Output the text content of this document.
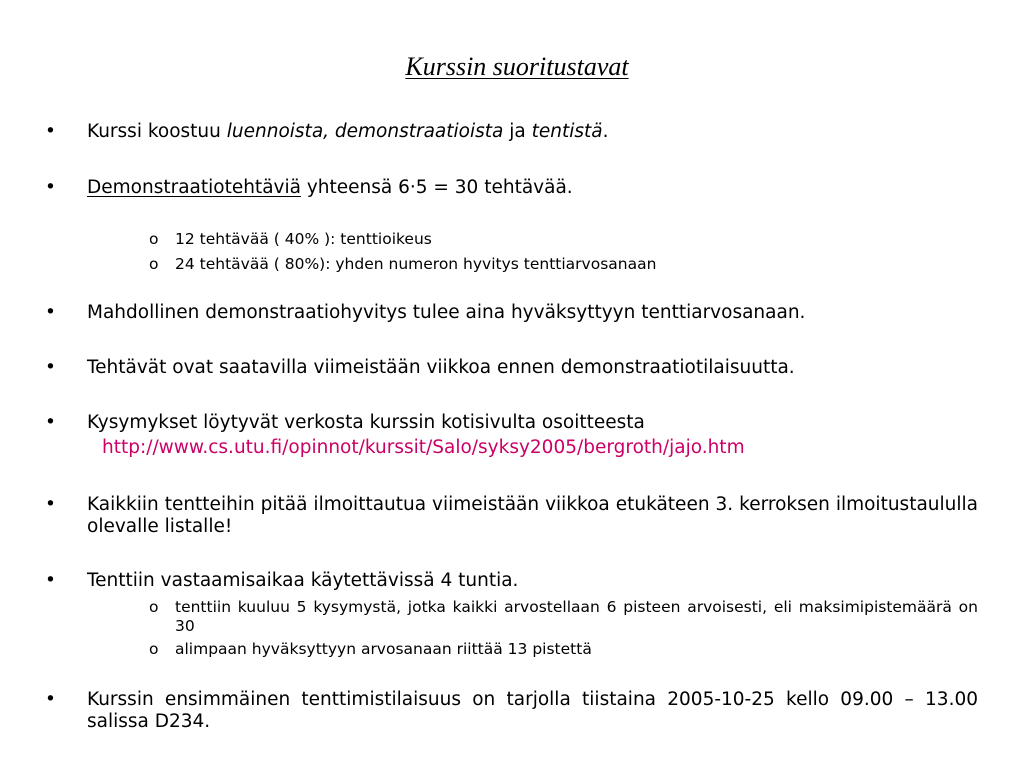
Kurssin suoritustavat
• Kurssi koostuu luennoista, demonstraatioista ja tentistä.
• Demonstraatiotehtäviä yhteensä 6·5 = 30 tehtävää.
o 12 tehtävää ( 40% ): tenttioikeus
o 24 tehtävää ( 80%): yhden numeron hyvitys tenttiarvosanaan
• Mahdollinen demonstraatiohyvitys tulee aina hyväksyttyyn tenttiarvosanaan.
• Tehtävät ovat saatavilla viimeistään viikkoa ennen demonstraatiotilaisuutta.
• Kysymykset löytyvät verkosta kurssin kotisivulta osoitteesta
http://www.cs.utu.fi/opinnot/kurssit/Salo/syksy2005/bergroth/jajo.htm
• Kaikkiin tentteihin pitää ilmoittautua viimeistään viikkoa etukäteen 3. kerroksen ilmoitustaululla olevalle listalle!
• Tenttiin vastaamisaikaa käytettävissä 4 tuntia.
o tenttiin kuuluu 5 kysymystä, jotka kaikki arvostellaan 6 pisteen arvoisesti, eli maksimipistemäärä on 30
o alimpaan hyväksyttyyn arvosanaan riittää 13 pistettä
• Kurssin ensimmäinen tenttimistilaisuus on tarjolla tiistaina 2005-10-25 kello 09.00 – 13.00 salissa D234.
